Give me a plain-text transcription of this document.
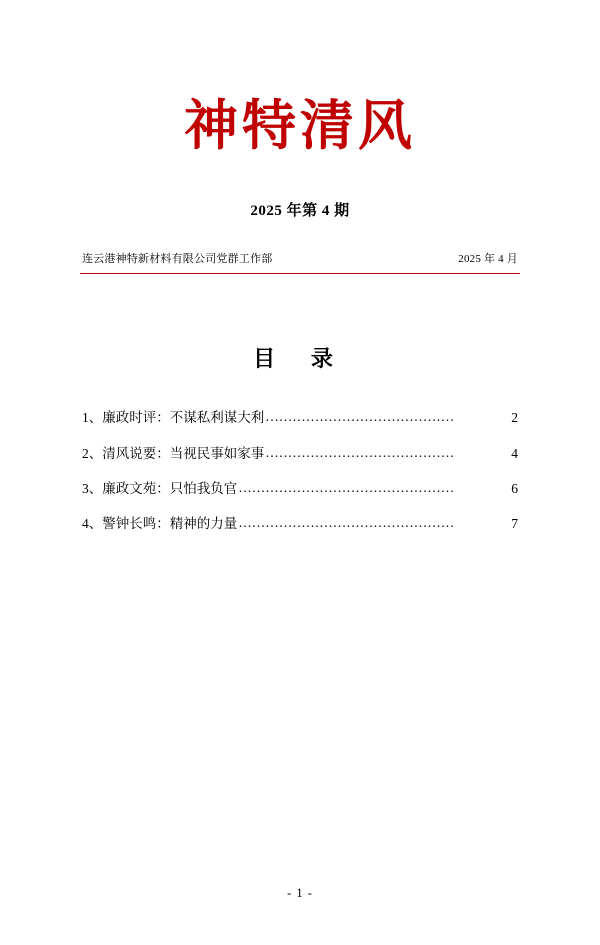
神特清风
2025 年第 4 期
连云港神特新材料有限公司党群工作部	2025 年 4 月
目 录
1、廉政时评：不谋私利谋大利 ……………………………………	2
2、清风说要：当视民事如家事 ……………………………………	4
3、廉政文苑：只怕我负官 …………………………………………	6
4、警钟长鸣：精神的力量 …………………………………………	7
- 1 -
